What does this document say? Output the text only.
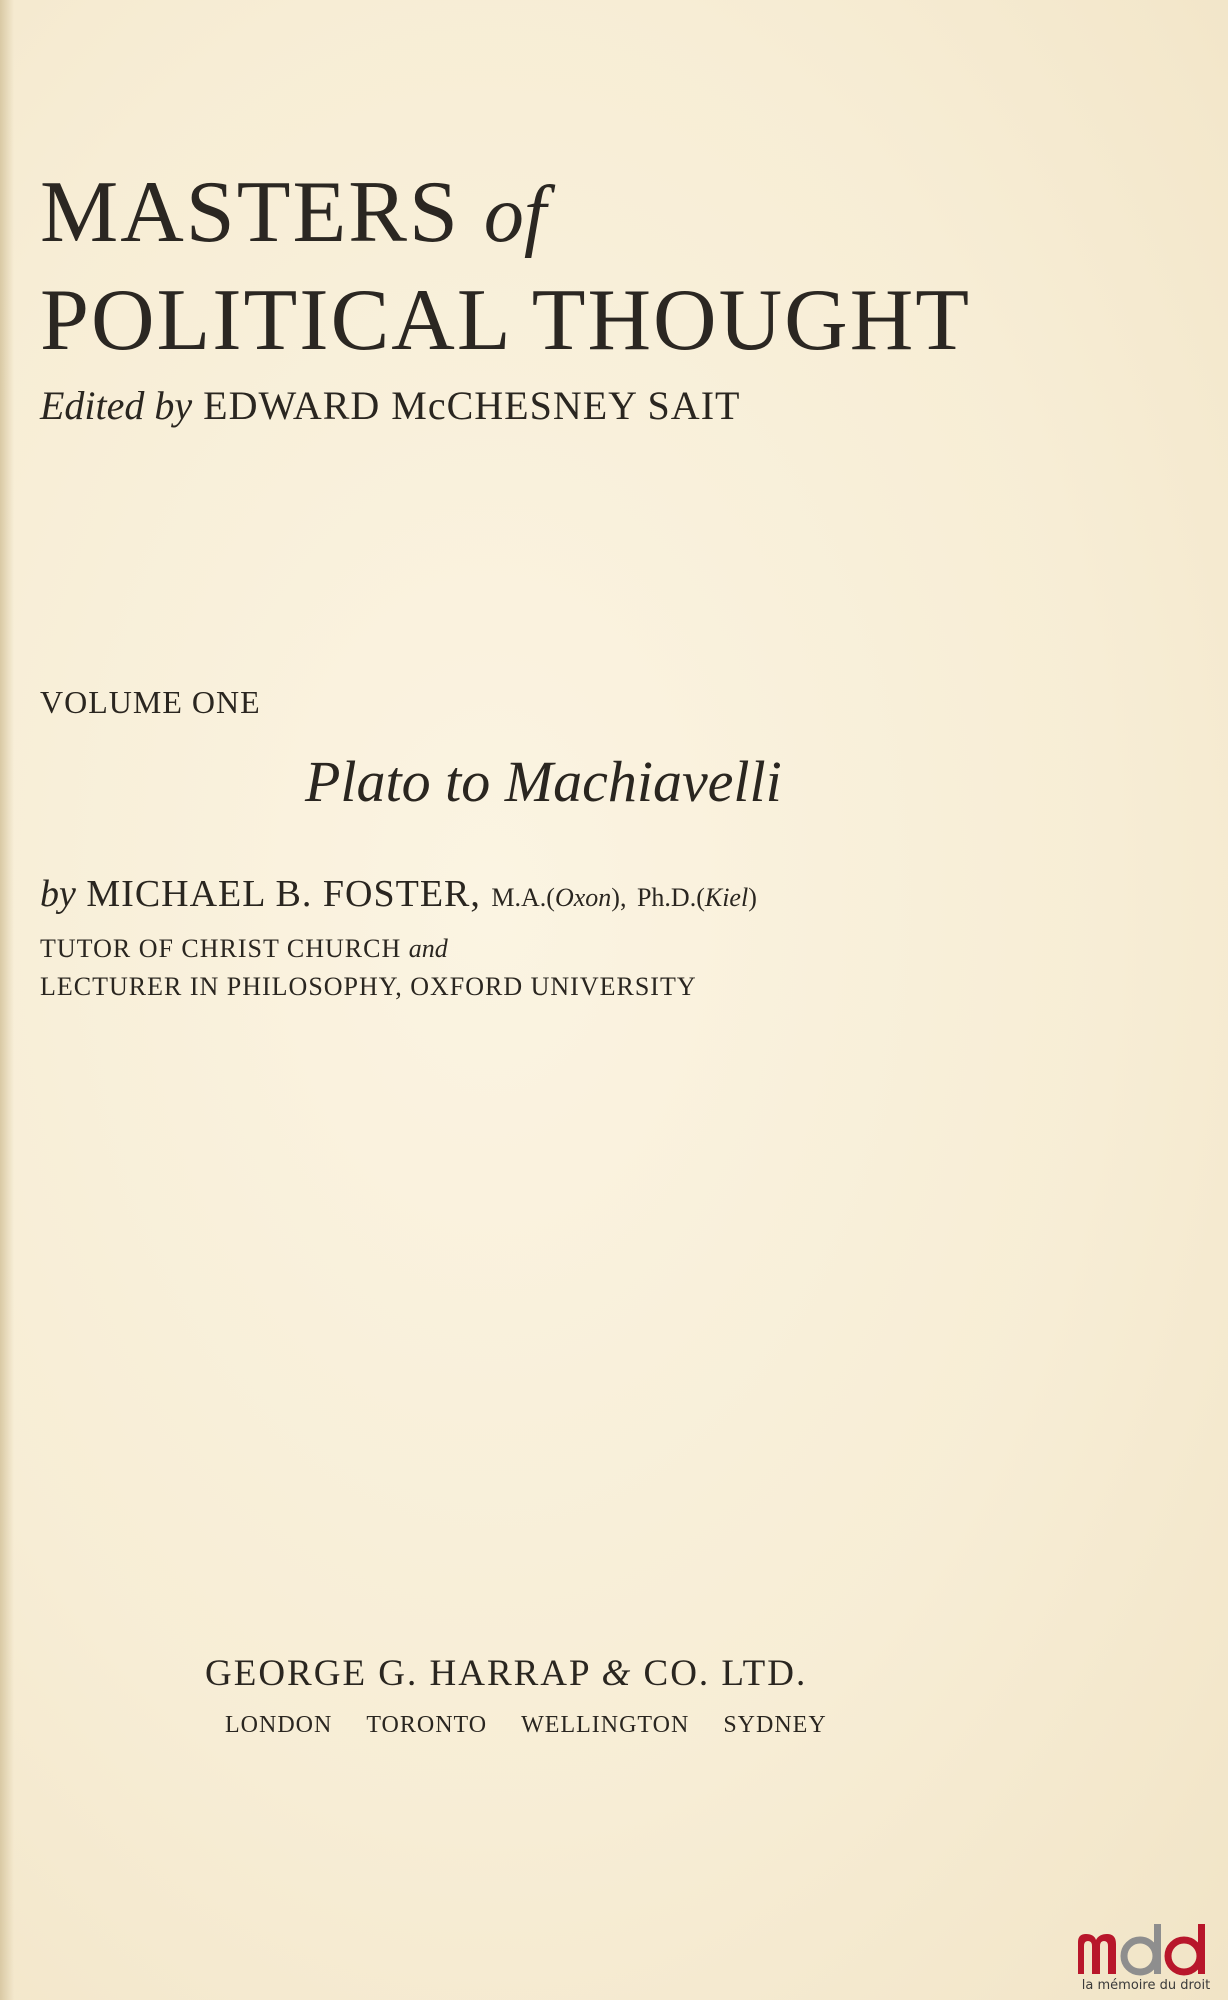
MASTERS of
POLITICAL THOUGHT
Edited by EDWARD McCHESNEY SAIT
VOLUME ONE
Plato to Machiavelli
by MICHAEL B. FOSTER, M.A.(Oxon), Ph.D.(Kiel)
TUTOR OF CHRIST CHURCH and
LECTURER IN PHILOSOPHY, OXFORD UNIVERSITY
GEORGE G. HARRAP & CO. LTD.
LONDON TORONTO WELLINGTON SYDNEY
la mémoire du droit
